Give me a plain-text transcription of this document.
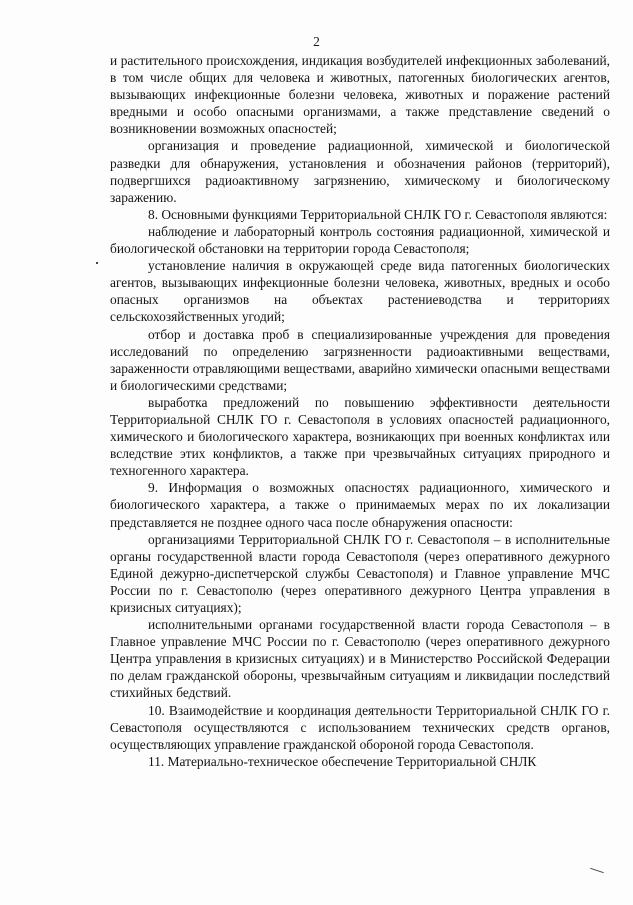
2

и растительного происхождения, индикация возбудителей инфекционных заболеваний, в том числе общих для человека и животных, патогенных биологических агентов, вызывающих инфекционные болезни человека, животных и поражение растений вредными и особо опасными организмами, а также представление сведений о возникновении возможных опасностей;

организация и проведение радиационной, химической и биологической разведки для обнаружения, установления и обозначения районов (территорий), подвергшихся радиоактивному загрязнению, химическому и биологическому заражению.

8. Основными функциями Территориальной СНЛК ГО г. Севастополя являются:

наблюдение и лабораторный контроль состояния радиационной, химической и биологической обстановки на территории города Севастополя;

установление наличия в окружающей среде вида патогенных биологических агентов, вызывающих инфекционные болезни человека, животных, вредных и особо опасных организмов на объектах растениеводства и территориях сельскохозяйственных угодий;

отбор и доставка проб в специализированные учреждения для проведения исследований по определению загрязненности радиоактивными веществами, зараженности отравляющими веществами, аварийно химически опасными веществами и биологическими средствами;

выработка предложений по повышению эффективности деятельности Территориальной СНЛК ГО г. Севастополя в условиях опасностей радиационного, химического и биологического характера, возникающих при военных конфликтах или вследствие этих конфликтов, а также при чрезвычайных ситуациях природного и техногенного характера.

9. Информация о возможных опасностях радиационного, химического и биологического характера, а также о принимаемых мерах по их локализации представляется не позднее одного часа после обнаружения опасности:

организациями Территориальной СНЛК ГО г. Севастополя – в исполнительные органы государственной власти города Севастополя (через оперативного дежурного Единой дежурно-диспетчерской службы Севастополя) и Главное управление МЧС России по г. Севастополю (через оперативного дежурного Центра управления в кризисных ситуациях);

исполнительными органами государственной власти города Севастополя – в Главное управление МЧС России по г. Севастополю (через оперативного дежурного Центра управления в кризисных ситуациях) и в Министерство Российской Федерации по делам гражданской обороны, чрезвычайным ситуациям и ликвидации последствий стихийных бедствий.

10. Взаимодействие и координация деятельности Территориальной СНЛК ГО г. Севастополя осуществляются с использованием технических средств органов, осуществляющих управление гражданской обороной города Севастополя.

11. Материально-техническое обеспечение Территориальной СНЛК
